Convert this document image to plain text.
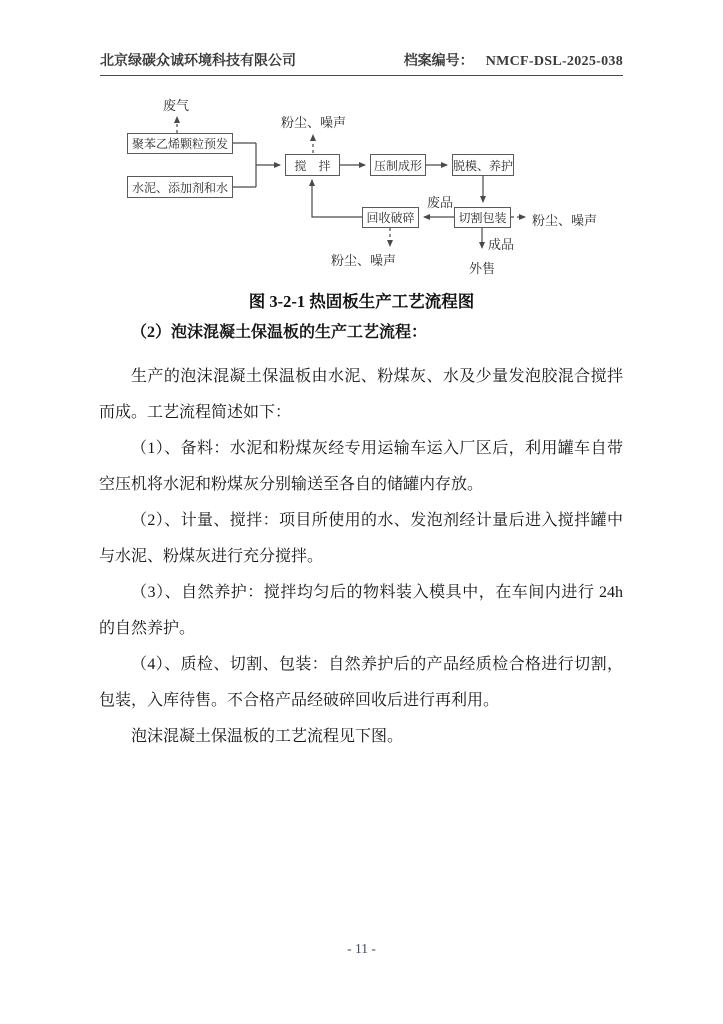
北京绿碳众诚环境科技有限公司	档案编号： NMCF-DSL-2025-038
聚苯乙烯颗粒预发
水泥、添加剂和水
搅　拌	压制成形	脱模、养护
切割包装
回收破碎
废气
粉尘、噪声
粉尘、噪声
粉尘、噪声
废品
成品
外售
图 3-2-1 热固板生产工艺流程图

（2）泡沫混凝土保温板的生产工艺流程：

生产的泡沫混凝土保温板由水泥、粉煤灰、水及少量发泡胶混合搅拌而成。工艺流程简述如下：

（1）、备料：水泥和粉煤灰经专用运输车运入厂区后，利用罐车自带空压机将水泥和粉煤灰分别输送至各自的储罐内存放。

（2）、计量、搅拌：项目所使用的水、发泡剂经计量后进入搅拌罐中与水泥、粉煤灰进行充分搅拌。

（3）、自然养护：搅拌均匀后的物料装入模具中，在车间内进行 24h 的自然养护。

（4）、质检、切割、包装：自然养护后的产品经质检合格进行切割，包装，入库待售。不合格产品经破碎回收后进行再利用。

泡沫混凝土保温板的工艺流程见下图。

- 11 -
